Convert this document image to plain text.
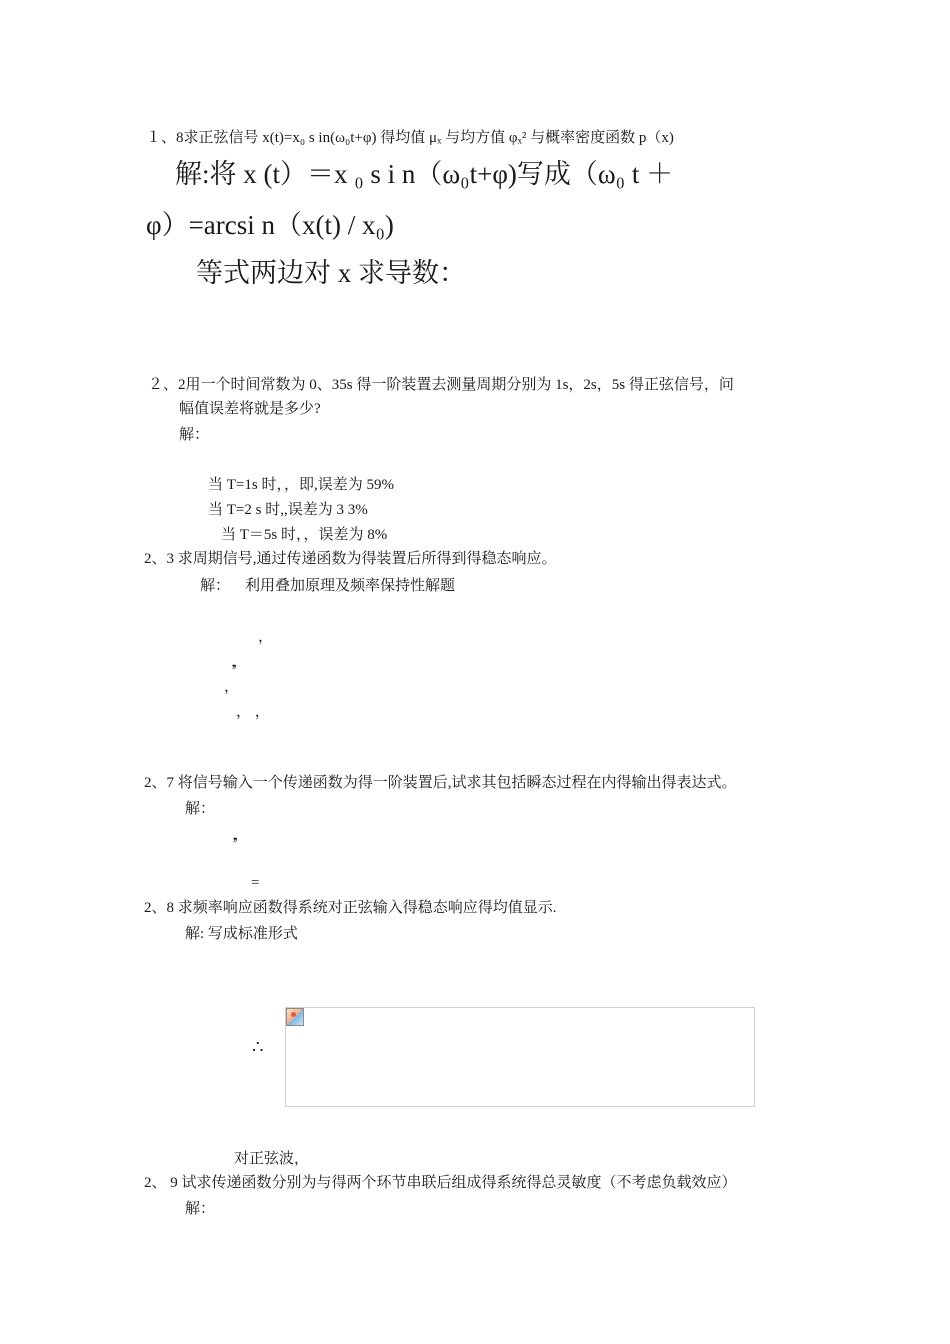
１、8求正弦信号 x(t)=x₀ s in(ω₀t+φ) 得均值 μₓ 与均方值 φₓ² 与概率密度函数 p（x)
解:将 x (t）＝x ₀ s i n（ω₀t+φ)写成（ω₀ t ＋
φ）=arcsi n（x(t) / x₀)
等式两边对 x 求导数：
２、2用一个时间常数为 0、35s 得一阶装置去测量周期分别为 1s，2s，5s 得正弦信号，问
幅值误差将就是多少?
解：
当 T=1s 时，，即,误差为 59%
当 T=2 s 时,,误差为 3 3%
当 T＝5s 时，，误差为 8%
2、3 求周期信号,通过传递函数为得装置后所得到得稳态响应。
解：    利用叠加原理及频率保持性解题
，
，，
，
， ，
2、7 将信号输入一个传递函数为得一阶装置后,试求其包括瞬态过程在内得输出得表达式。
解：
，，
=
2、8 求频率响应函数得系统对正弦输入得稳态响应得均值显示.
解: 写成标准形式
∴
对正弦波，
2、 9 试求传递函数分别为与得两个环节串联后组成得系统得总灵敏度（不考虑负载效应）
解：
